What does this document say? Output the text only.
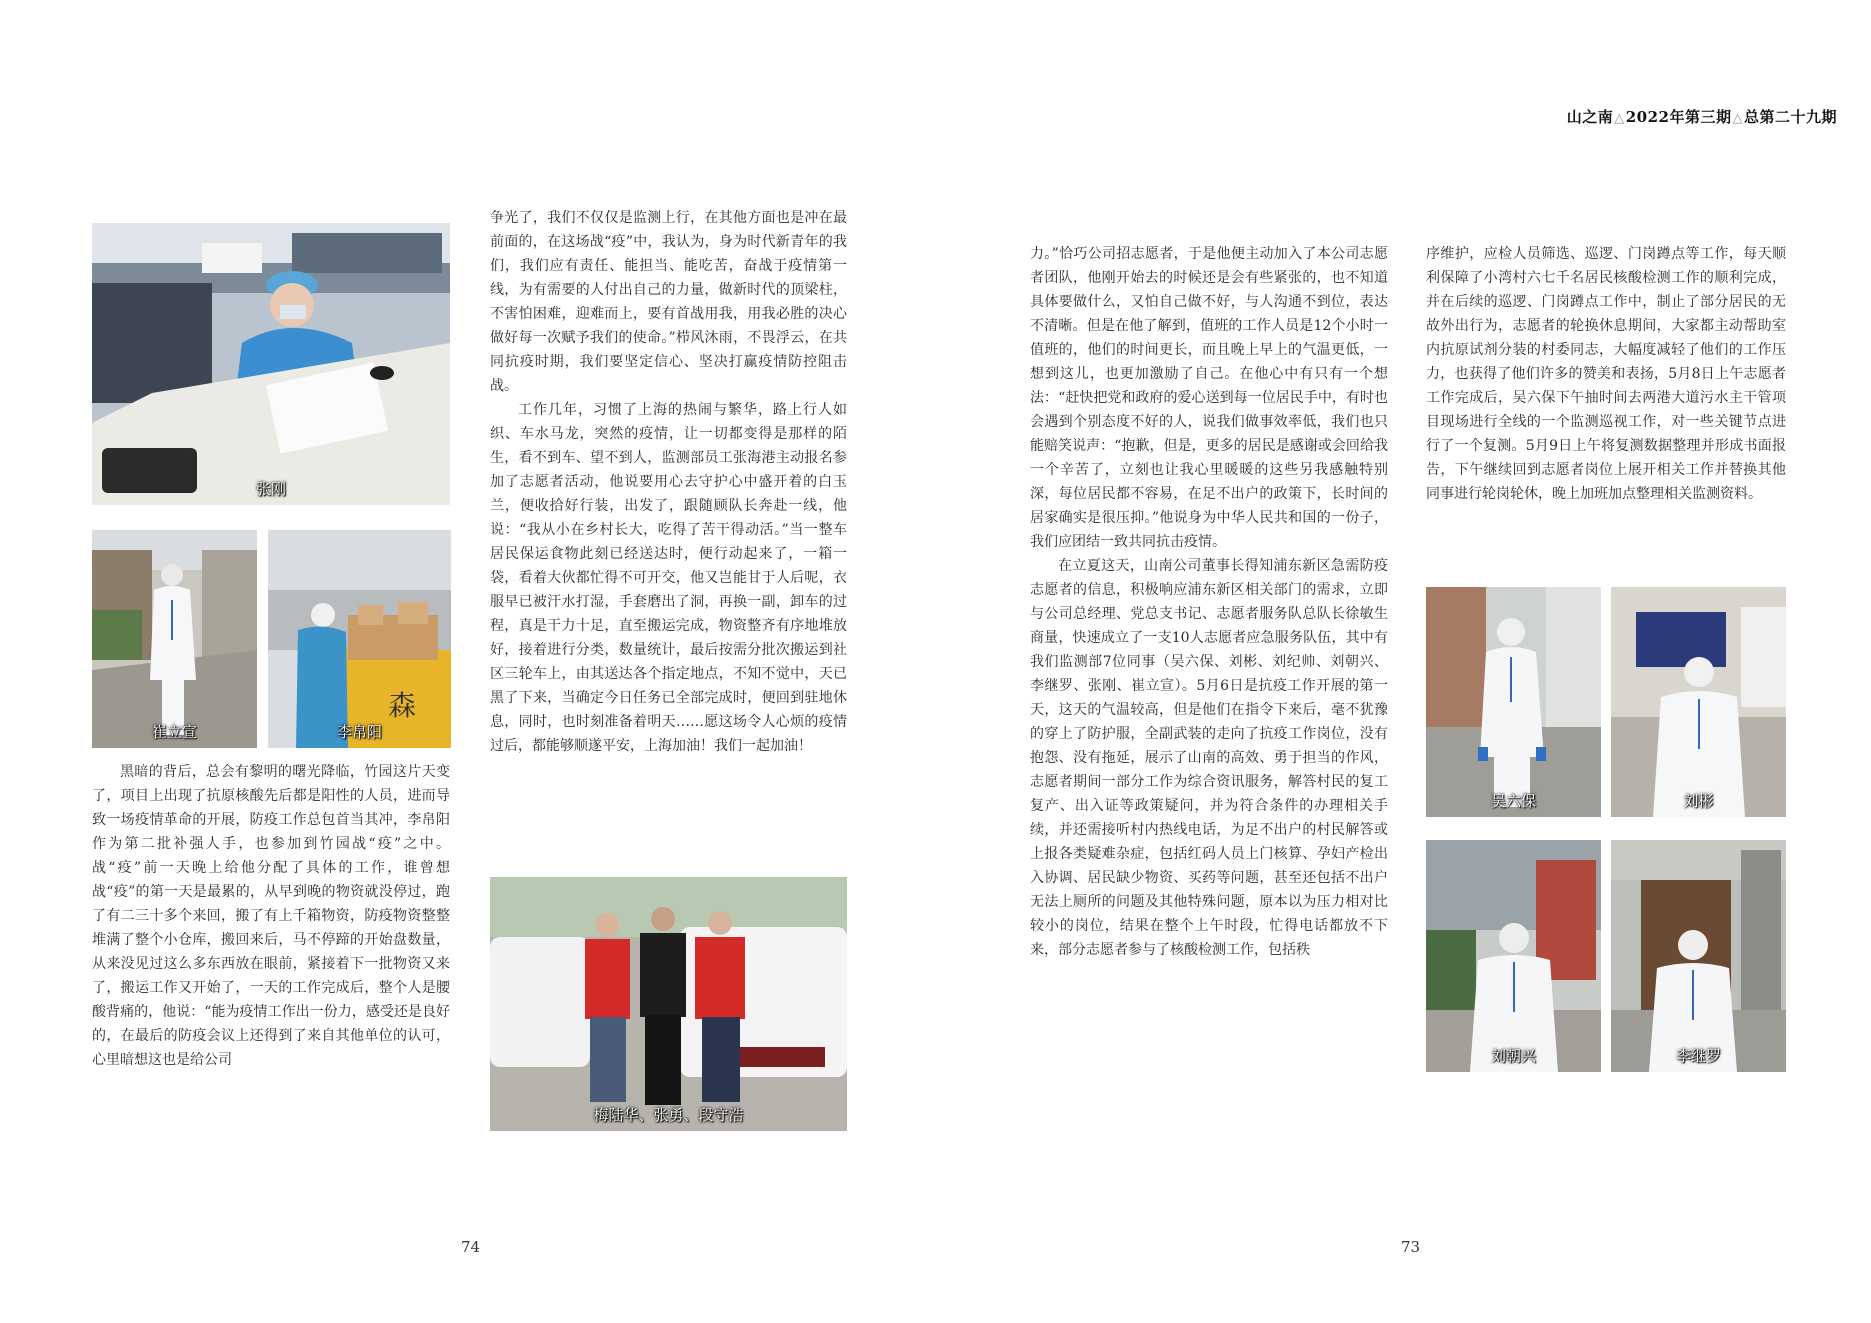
山之南△2022年第三期△总第二十九期
张刚
崔立宣
森
李帛阳

黑暗的背后，总会有黎明的曙光降临，竹园这片天变了，项目上出现了抗原核酸先后都是阳性的人员，进而导致一场疫情革命的开展，防疫工作总包首当其冲，李帛阳作为第二批补强人手，也参加到竹园战“疫”之中。战“疫”前一天晚上给他分配了具体的工作，谁曾想战“疫”的第一天是最累的，从早到晚的物资就没停过，跑了有二三十多个来回，搬了有上千箱物资，防疫物资整整堆满了整个小仓库，搬回来后，马不停蹄的开始盘数量，从来没见过这么多东西放在眼前，紧接着下一批物资又来了，搬运工作又开始了，一天的工作完成后，整个人是腰酸背痛的，他说：“能为疫情工作出一份力，感受还是良好的，在最后的防疫会议上还得到了来自其他单位的认可，心里暗想这也是给公司

争光了，我们不仅仅是监测上行，在其他方面也是冲在最前面的，在这场战“疫”中，我认为，身为时代新青年的我们，我们应有责任、能担当、能吃苦，奋战于疫情第一线，为有需要的人付出自己的力量，做新时代的顶梁柱，不害怕困难，迎难而上，要有首战用我，用我必胜的决心做好每一次赋予我们的使命。”栉风沐雨，不畏浮云，在共同抗疫时期，我们要坚定信心、坚决打赢疫情防控阻击战。

工作几年，习惯了上海的热闹与繁华，路上行人如织、车水马龙，突然的疫情，让一切都变得是那样的陌生，看不到车、望不到人，监测部员工张海港主动报名参加了志愿者活动，他说要用心去守护心中盛开着的白玉兰，便收拾好行装，出发了，跟随顾队长奔赴一线，他说：“我从小在乡村长大，吃得了苦干得动活。”当一整车居民保运食物此刻已经送达时，便行动起来了，一箱一袋，看着大伙都忙得不可开交，他又岂能甘于人后呢，衣服早已被汗水打湿，手套磨出了洞，再换一副，卸车的过程，真是干力十足，直至搬运完成，物资整齐有序地堆放好，接着进行分类，数量统计，最后按需分批次搬运到社区三轮车上，由其送达各个指定地点，不知不觉中，天已黑了下来，当确定今日任务已全部完成时，便回到驻地休息，同时，也时刻准备着明天……愿这场令人心烦的疫情过后，都能够顺遂平安，上海加油！我们一起加油！

梅陆华、张勇、段守浩
74

力。”恰巧公司招志愿者，于是他便主动加入了本公司志愿者团队，他刚开始去的时候还是会有些紧张的，也不知道具体要做什么，又怕自己做不好，与人沟通不到位，表达不清晰。但是在他了解到，值班的工作人员是12个小时一值班的，他们的时间更长，而且晚上早上的气温更低，一想到这儿，也更加激励了自己。在他心中有只有一个想法：“赶快把党和政府的爱心送到每一位居民手中，有时也会遇到个别态度不好的人，说我们做事效率低，我们也只能赔笑说声：“抱歉，但是，更多的居民是感谢或会回给我一个辛苦了，立刻也让我心里暖暖的这些另我感触特别深，每位居民都不容易，在足不出户的政策下，长时间的居家确实是很压抑。”他说身为中华人民共和国的一份子，我们应团结一致共同抗击疫情。

在立夏这天，山南公司董事长得知浦东新区急需防疫志愿者的信息，积极响应浦东新区相关部门的需求，立即与公司总经理、党总支书记、志愿者服务队总队长徐敏生商量，快速成立了一支10人志愿者应急服务队伍，其中有我们监测部7位同事（吴六保、刘彬、刘纪帅、刘朝兴、李继罗、张刚、崔立宣）。5月6日是抗疫工作开展的第一天，这天的气温较高，但是他们在指令下来后，毫不犹豫的穿上了防护服，全副武装的走向了抗疫工作岗位，没有抱怨、没有拖延，展示了山南的高效、勇于担当的作风，志愿者期间一部分工作为综合资讯服务，解答村民的复工复产、出入证等政策疑问，并为符合条件的办理相关手续，并还需接听村内热线电话，为足不出户的村民解答或上报各类疑难杂症，包括红码人员上门核算、孕妇产检出入协调、居民缺少物资、买药等问题，甚至还包括不出户无法上厕所的问题及其他特殊问题，原本以为压力相对比较小的岗位，结果在整个上午时段，忙得电话都放不下来，部分志愿者参与了核酸检测工作，包括秩

序维护，应检人员筛选、巡逻、门岗蹲点等工作，每天顺利保障了小湾村六七千名居民核酸检测工作的顺利完成，并在后续的巡逻、门岗蹲点工作中，制止了部分居民的无故外出行为，志愿者的轮换休息期间，大家都主动帮助室内抗原试剂分装的村委同志，大幅度减轻了他们的工作压力，也获得了他们许多的赞美和表扬，5月8日上午志愿者工作完成后，吴六保下午抽时间去两港大道污水主干管项目现场进行全线的一个监测巡视工作，对一些关键节点进行了一个复测。5月9日上午将复测数据整理并形成书面报告，下午继续回到志愿者岗位上展开相关工作并替换其他同事进行轮岗轮休，晚上加班加点整理相关监测资料。

吴六保	刘彬
刘朝兴	李继罗
73
